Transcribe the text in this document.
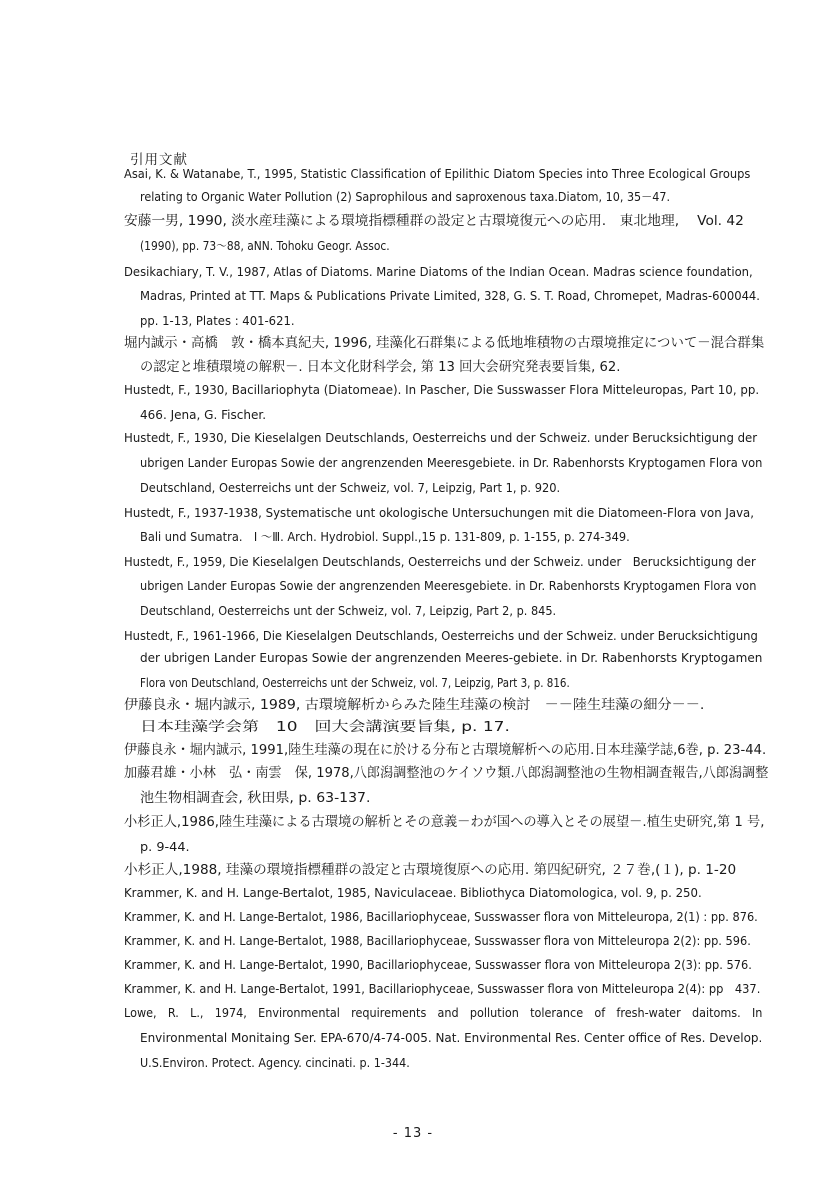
引用文献
Asai, K. & Watanabe, T., 1995, Statistic Classification of Epilithic Diatom Species into Three Ecological Groups
relating to Organic Water Pollution (2) Saprophilous and saproxenous taxa.Diatom, 10, 35－47.
安藤一男, 1990, 淡水産珪藻による環境指標種群の設定と古環境復元への応用.　東北地理,　 Vol. 42
(1990), pp. 73～88, aNN. Tohoku Geogr. Assoc.
Desikachiary, T. V., 1987, Atlas of Diatoms. Marine Diatoms of the Indian Ocean. Madras science foundation,
Madras, Printed at TT. Maps & Publications Private Limited, 328, G. S. T. Road, Chromepet, Madras-600044.
pp. 1-13, Plates : 401-621.
堀内誠示・高橋　敦・橋本真紀夫, 1996, 珪藻化石群集による低地堆積物の古環境推定について－混合群集
の認定と堆積環境の解釈－. 日本文化財科学会, 第 13 回大会研究発表要旨集, 62.
Hustedt, F., 1930, Bacillariophyta (Diatomeae). In Pascher, Die Susswasser Flora Mitteleuropas, Part 10, pp.
466. Jena, G. Fischer.
Hustedt, F., 1930, Die Kieselalgen Deutschlands, Oesterreichs und der Schweiz. under Berucksichtigung der
ubrigen Lander Europas Sowie der angrenzenden Meeresgebiete. in Dr. Rabenhorsts Kryptogamen Flora von
Deutschland, Oesterreichs unt der Schweiz, vol. 7, Leipzig, Part 1, p. 920.
Hustedt, F., 1937-1938, Systematische unt okologische Untersuchungen mit die Diatomeen-Flora von Java,
Bali und Sumatra.　I ～Ⅲ. Arch. Hydrobiol. Suppl.,15 p. 131-809, p. 1-155, p. 274-349.
Hustedt, F., 1959, Die Kieselalgen Deutschlands, Oesterreichs und der Schweiz. under　Berucksichtigung der
ubrigen Lander Europas Sowie der angrenzenden Meeresgebiete. in Dr. Rabenhorsts Kryptogamen Flora von
Deutschland, Oesterreichs unt der Schweiz, vol. 7, Leipzig, Part 2, p. 845.
Hustedt, F., 1961-1966, Die Kieselalgen Deutschlands, Oesterreichs und der Schweiz. under Berucksichtigung
der ubrigen Lander Europas Sowie der angrenzenden Meeres-gebiete. in Dr. Rabenhorsts Kryptogamen
Flora von Deutschland, Oesterreichs unt der Schweiz, vol. 7, Leipzig, Part 3, p. 816.
伊藤良永・堀内誠示, 1989, 古環境解析からみた陸生珪藻の検討　－－陸生珪藻の細分－－.
日本珪藻学会第　10　回大会講演要旨集, p. 17.
伊藤良永・堀内誠示, 1991,陸生珪藻の現在に於ける分布と古環境解析への応用.日本珪藻学誌,6巻, p. 23-44.
加藤君雄・小林　弘・南雲　保, 1978,八郎潟調整池のケイソウ類.八郎潟調整池の生物相調査報告,八郎潟調整
池生物相調査会, 秋田県, p. 63-137.
小杉正人,1986,陸生珪藻による古環境の解析とその意義－わが国への導入とその展望－.植生史研究,第 1 号,
p. 9-44.
小杉正人,1988, 珪藻の環境指標種群の設定と古環境復原への応用. 第四紀研究, ２７巻,(１), p. 1-20
Krammer, K. and H. Lange-Bertalot, 1985, Naviculaceae. Bibliothyca Diatomologica, vol. 9, p. 250.
Krammer, K. and H. Lange-Bertalot, 1986, Bacillariophyceae, Susswasser flora von Mitteleuropa, 2(1) : pp. 876.
Krammer, K. and H. Lange-Bertalot, 1988, Bacillariophyceae, Susswasser flora von Mitteleuropa 2(2): pp. 596.
Krammer, K. and H. Lange-Bertalot, 1990, Bacillariophyceae, Susswasser flora von Mitteleuropa 2(3): pp. 576.
Krammer, K. and H. Lange-Bertalot, 1991, Bacillariophyceae, Susswasser flora von Mitteleuropa 2(4): pp　437.
Lowe,　R.　L.,　1974,　Environmental　requirements　and　pollution　tolerance　of　fresh-water　daitoms.　In
Environmental Monitaing Ser. EPA-670/4-74-005. Nat. Environmental Res. Center office of Res. Develop.
U.S.Environ. Protect. Agency. cincinati. p. 1-344.
- 13 -
